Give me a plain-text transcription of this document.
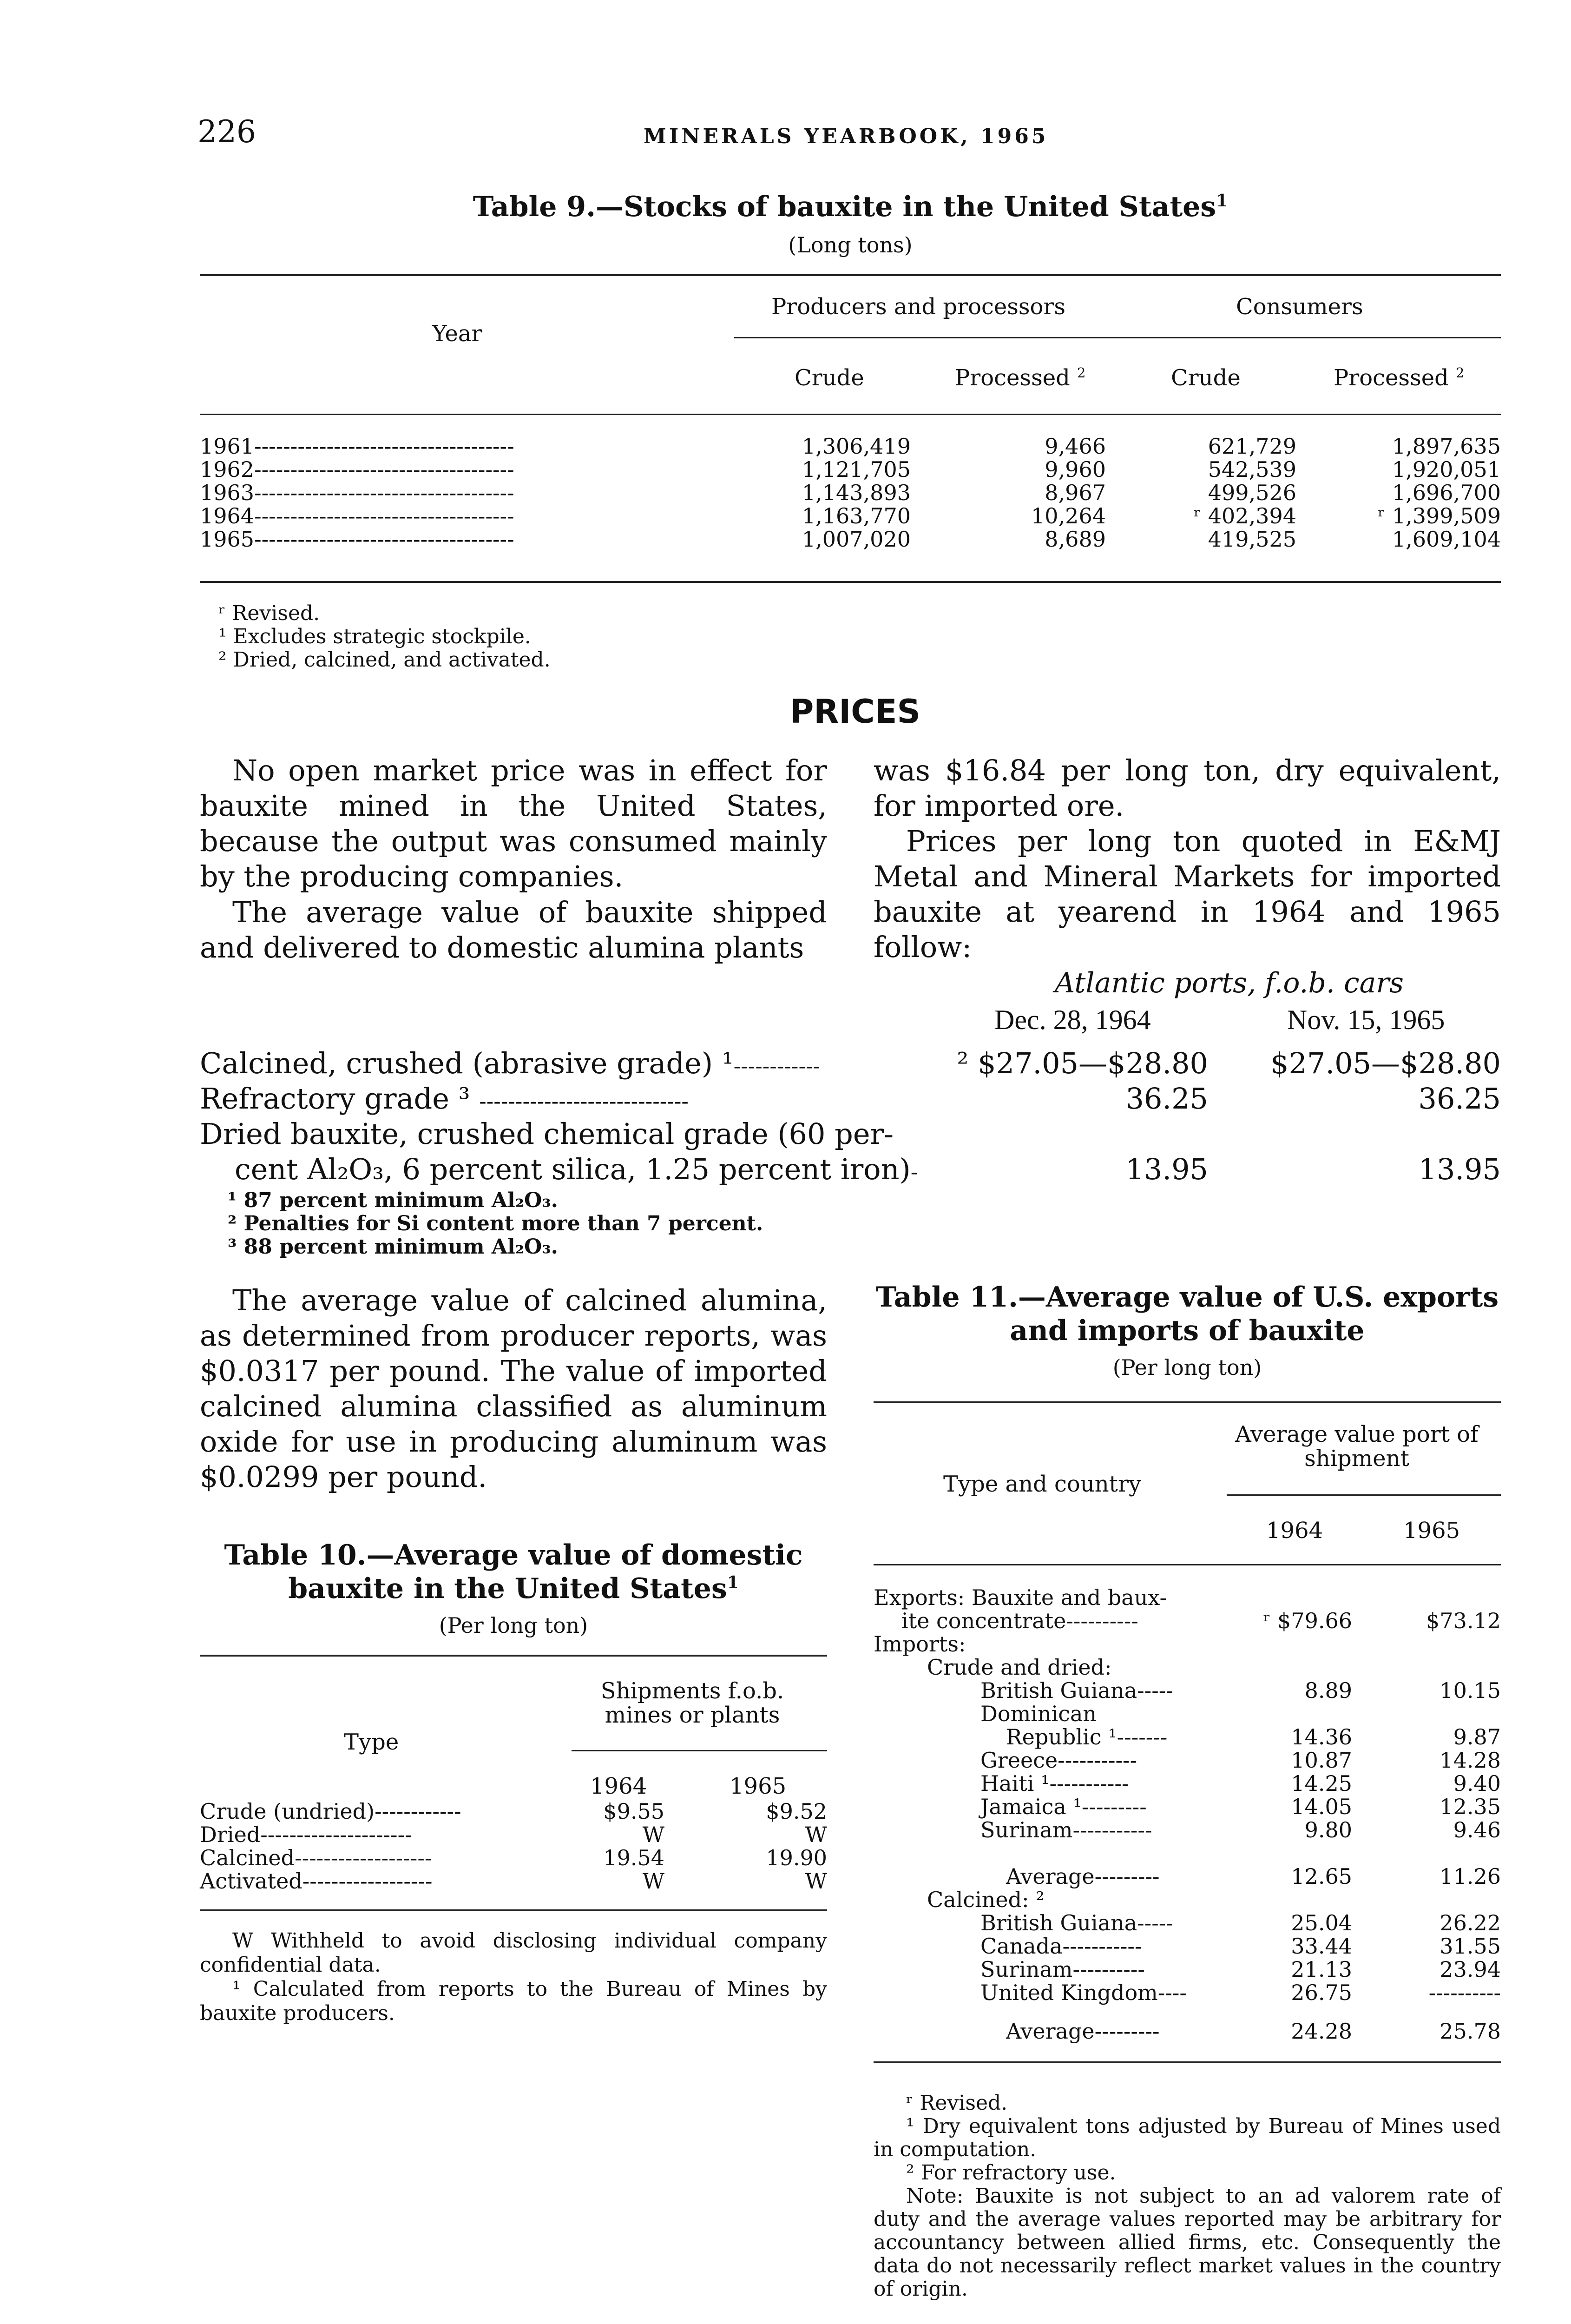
226	MINERALS YEARBOOK, 1965
Table 9.—Stocks of bauxite in the United States$^1$
(Long tons)
Year
Producers and processors	Consumers
Crude	Processed $^2$	Crude	Processed $^2$
1961------------------------------------	1,306,419	9,466	621,729	1,897,635
1962------------------------------------	1,121,705	9,960	542,539	1,920,051
1963------------------------------------	1,143,893	8,967	499,526	1,696,700
1964------------------------------------	1,163,770	10,264	ʳ 402,394	ʳ 1,399,509
1965------------------------------------	1,007,020	8,689	419,525	1,609,104
ʳ Revised.
¹ Excludes strategic stockpile.
² Dried, calcined, and activated.
PRICES
No open market price was in effect for bauxite mined in the United States, because the output was consumed mainly by the producing companies.
The average value of bauxite shipped and delivered to domestic alumina plants
was $16.84 per long ton, dry equivalent, for imported ore.
Prices per long ton quoted in E&MJ Metal and Mineral Markets for imported bauxite at yearend in 1964 and 1965 follow:
Atlantic ports, f.o.b. cars
Dec. 28, 1964	Nov. 15, 1965
Calcined, crushed (abrasive grade) ¹------------	² $27.05—$28.80	$27.05—$28.80
Refractory grade ³ -----------------------------	36.25	36.25
Dried bauxite, crushed chemical grade (60 per-
cent Al₂O₃, 6 percent silica, 1.25 percent iron)-	13.95	13.95
¹ 87 percent minimum Al₂O₃.
² Penalties for Si content more than 7 percent.
³ 88 percent minimum Al₂O₃.
The average value of calcined alumina, as determined from producer reports, was $0.0317 per pound. The value of imported calcined alumina classified as aluminum oxide for use in producing aluminum was $0.0299 per pound.
Table 10.—Average value of domestic
bauxite in the United States$^1$
(Per long ton)
Type
Shipments f.o.b. mines or plants
1964	1965
Crude (undried)------------	$9.55	$9.52
Dried---------------------	W	W
Calcined-------------------	19.54	19.90
Activated------------------	W	W
W Withheld to avoid disclosing individual company confidential data.
¹ Calculated from reports to the Bureau of Mines by bauxite producers.
Table 11.—Average value of U.S. exports
and imports of bauxite
(Per long ton)
Type and country
Average value port of shipment
1964	1965
Exports: Bauxite and baux-
ite concentrate----------	ʳ $79.66	$73.12
Imports:
Crude and dried:
British Guiana-----	8.89	10.15
Dominican
Republic ¹-------	14.36	9.87
Greece-----------	10.87	14.28
Haiti ¹-----------	14.25	9.40
Jamaica ¹---------	14.05	12.35
Surinam-----------	9.80	9.46
Average---------	12.65	11.26
Calcined: ²
British Guiana-----	25.04	26.22
Canada-----------	33.44	31.55
Surinam----------	21.13	23.94
United Kingdom----	26.75	----------
Average---------	24.28	25.78
ʳ Revised.
¹ Dry equivalent tons adjusted by Bureau of Mines used in computation.
² For refractory use.
Note: Bauxite is not subject to an ad valorem rate of duty and the average values reported may be arbitrary for accountancy between allied firms, etc. Consequently the data do not necessarily reflect market values in the country of origin.
